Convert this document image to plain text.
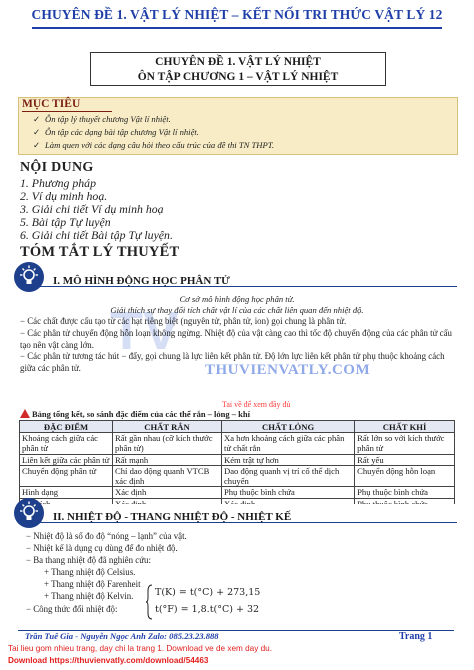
CHUYÊN ĐỀ 1. VẬT LÝ NHIỆT – KẾT NỐI TRI THỨC VẬT LÝ 12
CHUYÊN ĐỀ 1. VẬT LÝ NHIỆT
ÔN TẬP CHƯƠNG 1 – VẬT LÝ NHIỆT
MỤC TIÊU
✓ Ôn tập lý thuyết chương Vật lí nhiệt.
✓ Ôn tập các dạng bài tập chương Vật lí nhiệt.
✓ Làm quen với các dạng câu hỏi theo cấu trúc của đề thi TN THPT.
NỘI DUNG
1. Phương pháp
2. Ví dụ minh hoạ.
3. Giải chi tiết Ví dụ minh hoạ
5. Bài tập Tự luyện
6. Giải chi tiết Bài tập Tự luyện.
TÓM TẮT LÝ THUYẾT
I. MÔ HÌNH ĐỘNG HỌC PHÂN TỬ
TV
Cơ sở mô hình động học phân tử.
Giải thích sự thay đổi tích chất vật lí của các chất liên quan đến nhiệt độ.
− Các chất được cấu tạo từ các hạt riêng biệt (nguyên tử, phân tử, ion) gọi chung là phân tử.
− Các phân tử chuyển động hỗn loạn không ngừng. Nhiệt độ của vật càng cao thì tốc độ chuyển động của các phân tử cấu tạo nên vật càng lớn.
− Các phân tử tương tác hút − đẩy, gọi chung là lực liên kết phân tử. Độ lớn lực liên kết phân tử phụ thuộc khoảng cách giữa các phân tử.	THUVIENVATLY.COM
Tai về để xem đầy đủ
Bảng tổng kết, so sánh đặc điểm của các thể rắn – lỏng – khí
ĐẶC ĐIỂM	CHẤT RẮN	CHẤT LỎNG	CHẤT KHÍ
Khoảng cách giữa các phân tử	Rất gần nhau (cỡ kích thước phân tử)	Xa hơn khoảng cách giữa các phân tử chất rắn	Rất lớn so với kích thước phân tử
Liên kết giữa các phân tử	Rất mạnh	Kém trật tự hơn	Rất yếu
Chuyển động phân tử	Chỉ dao động quanh VTCB xác định	Dao động quanh vị trí cố thể dịch chuyển	Chuyển động hỗn loạn
Hình dạng	Xác định	Phụ thuộc bình chứa	Phụ thuộc bình chứa

II. NHIỆT ĐỘ - THANG NHIỆT ĐỘ - NHIỆT KẾ
− Nhiệt độ là số đo độ “nóng – lạnh” của vật.
− Nhiệt kế là dụng cụ dùng để đo nhiệt độ.
− Ba thang nhiệt độ đã nghiên cứu:
+ Thang nhiệt độ Celsius.
+ Thang nhiệt độ Farenheit
+ Thang nhiệt độ Kelvin.
− Công thức đổi nhiệt độ:
T(K) = t(°C) + 273,15
t(°F) = 1,8.t(°C) + 32
Trần Tuê Gia - Nguyễn Ngọc Anh Zalo: 085.23.23.888	Trang 1
Tai lieu gom nhieu trang, day chi la trang 1. Download ve de xem day du.
Download https://thuvienvatly.com/download/54463
